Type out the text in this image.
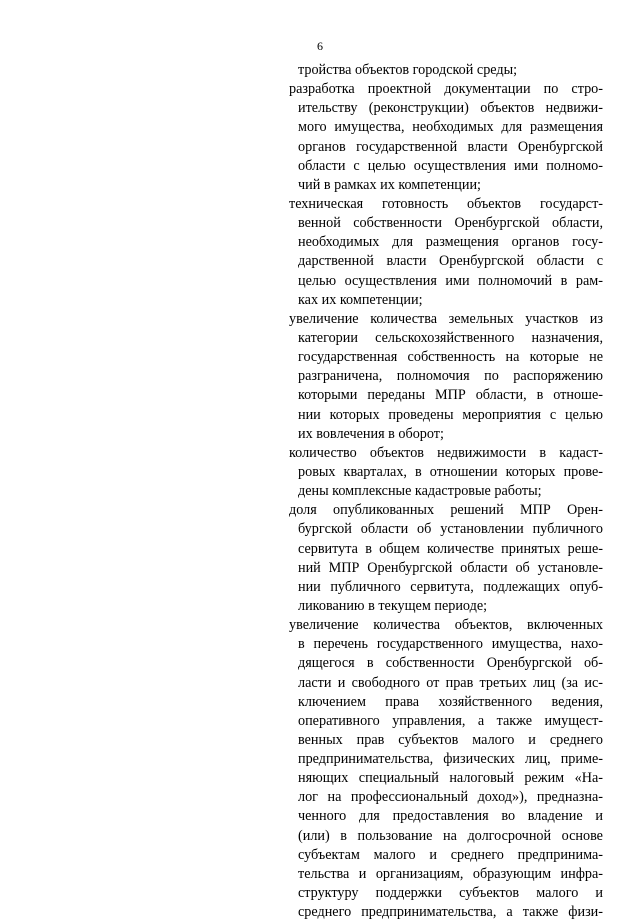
6
тройства объектов городской среды;
разработка проектной документации по стро-
ительству (реконструкции) объектов недвижи-
мого имущества, необходимых для размещения
органов государственной власти Оренбургской
области с целью осуществления ими полномо-
чий в рамках их компетенции;
техническая готовность объектов государст-
венной собственности Оренбургской области,
необходимых для размещения органов госу-
дарственной власти Оренбургской области с
целью осуществления ими полномочий в рам-
ках их компетенции;
увеличение количества земельных участков из
категории сельскохозяйственного назначения,
государственная собственность на которые не
разграничена, полномочия по распоряжению
которыми переданы МПР области, в отноше-
нии которых проведены мероприятия с целью
их вовлечения в оборот;
количество объектов недвижимости в кадаст-
ровых кварталах, в отношении которых прове-
дены комплексные кадастровые работы;
доля опубликованных решений МПР Орен-
бургской области об установлении публичного
сервитута в общем количестве принятых реше-
ний МПР Оренбургской области об установле-
нии публичного сервитута, подлежащих опуб-
ликованию в текущем периоде;
увеличение количества объектов, включенных
в перечень государственного имущества, нахо-
дящегося в собственности Оренбургской об-
ласти и свободного от прав третьих лиц (за ис-
ключением права хозяйственного ведения,
оперативного управления, а также имущест-
венных прав субъектов малого и среднего
предпринимательства, физических лиц, приме-
няющих специальный налоговый режим «На-
лог на профессиональный доход»), предназна-
ченного для предоставления во владение и
(или) в пользование на долгосрочной основе
субъектам малого и среднего предпринима-
тельства и организациям, образующим инфра-
структуру поддержки субъектов малого и
среднего предпринимательства, а также физи-
